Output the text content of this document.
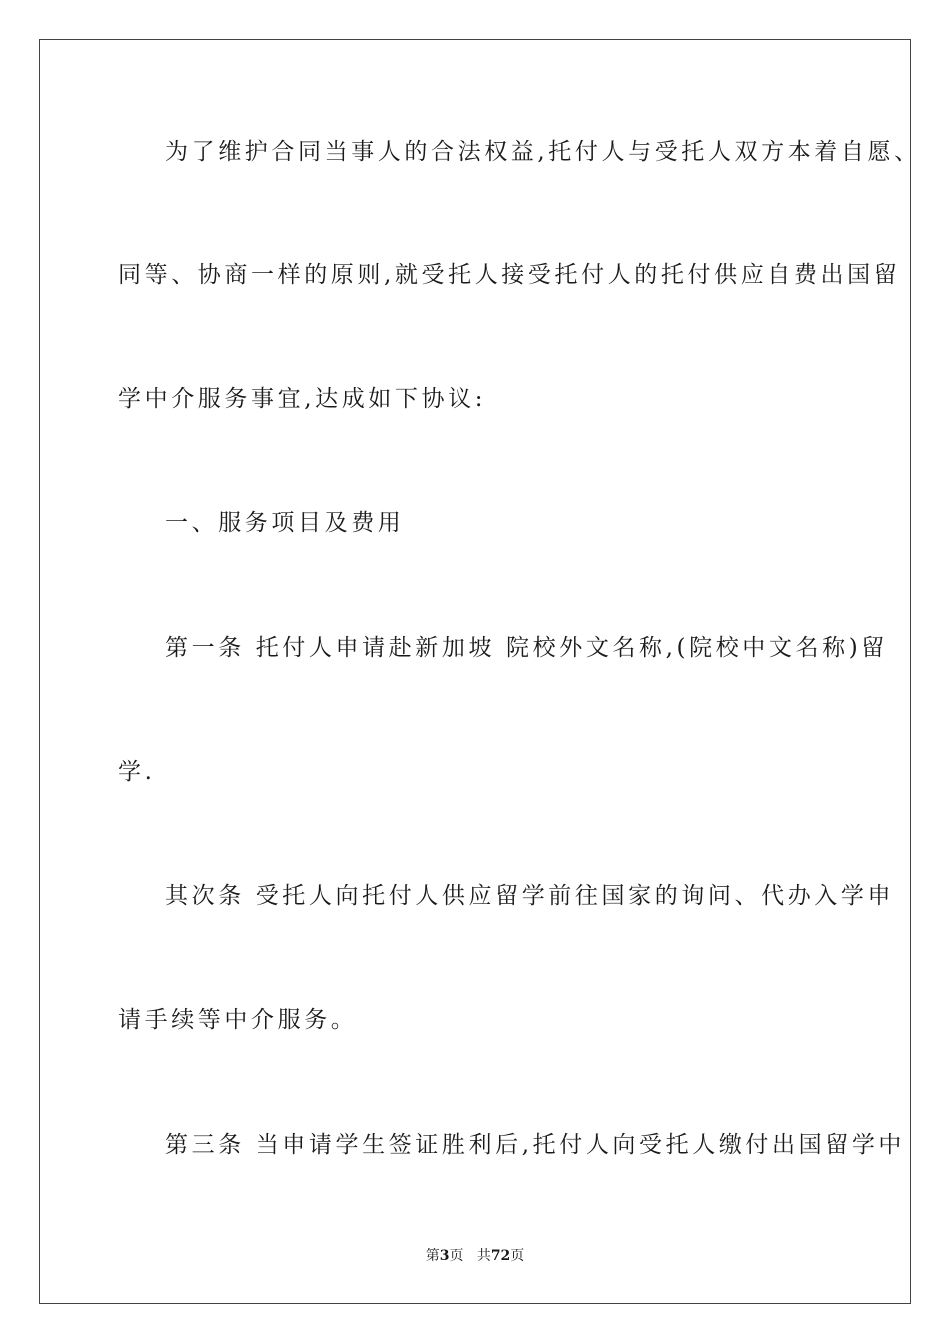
为了维护合同当事人的合法权益,托付人与受托人双方本着自愿、

同等、协商一样的原则,就受托人接受托付人的托付供应自费出国留

学中介服务事宜,达成如下协议:

一、服务项目及费用

第一条 托付人申请赴新加坡 院校外文名称,(院校中文名称)留

学.

其次条 受托人向托付人供应留学前往国家的询问、代办入学申

请手续等中介服务。

第三条 当申请学生签证胜利后,托付人向受托人缴付出国留学中

第3页 共72页
